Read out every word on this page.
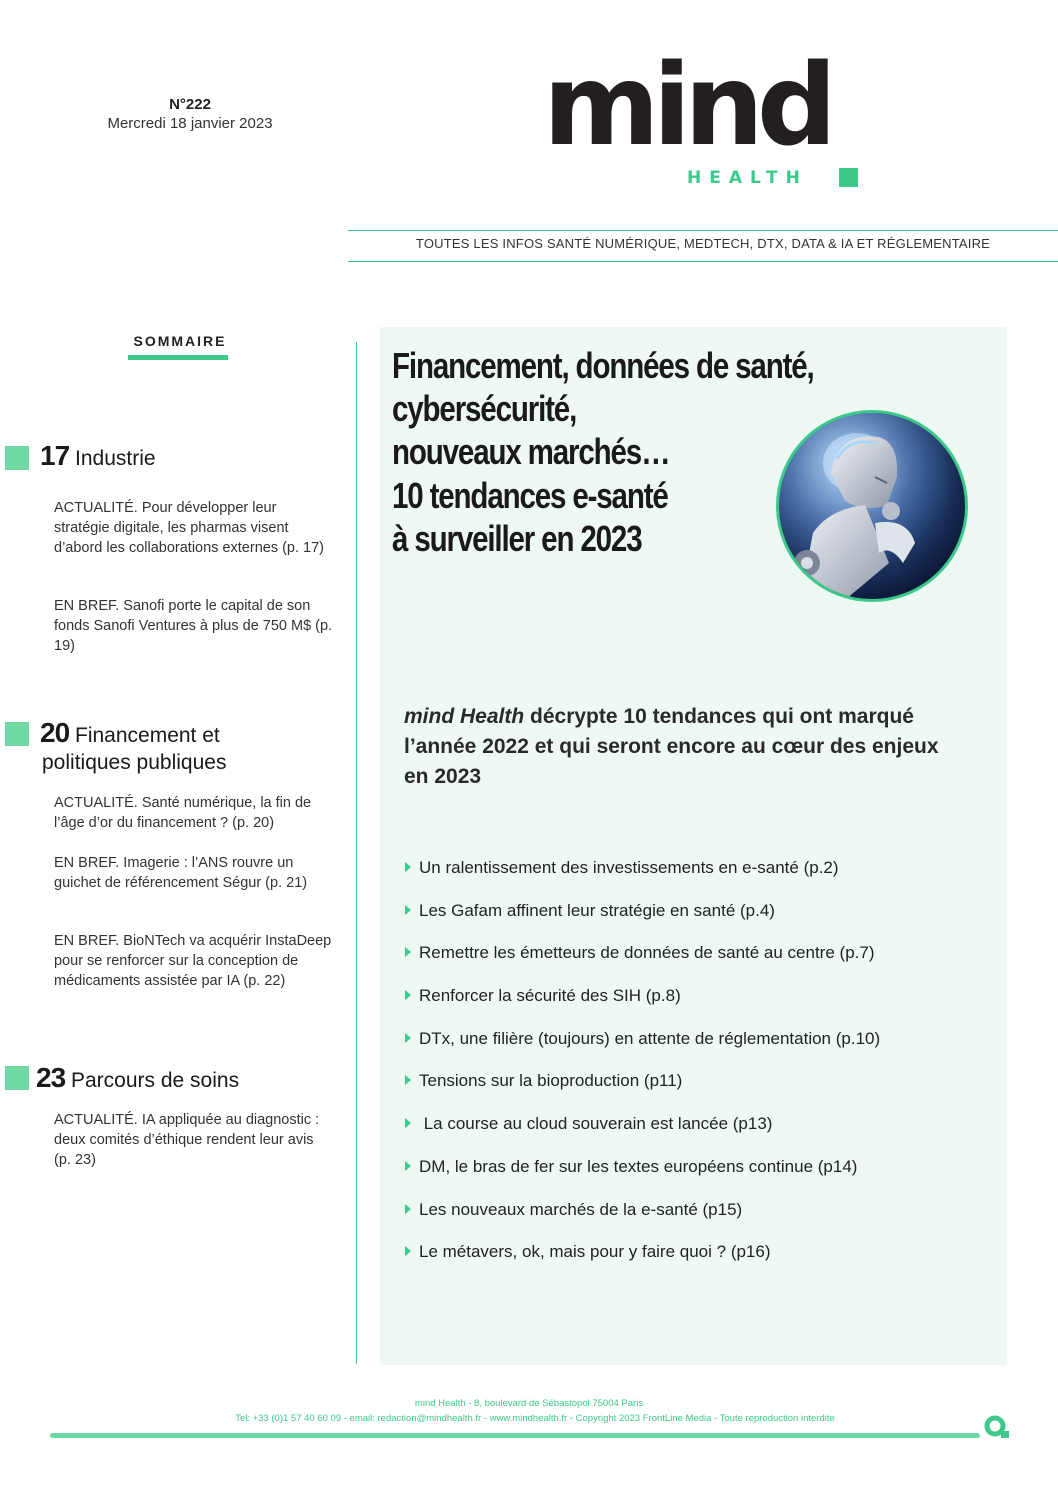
N°222
Mercredi 18 janvier 2023	mind
HEALTH
TOUTES LES INFOS SANTÉ NUMÉRIQUE, MEDTECH, DTX, DATA & IA ET RÉGLEMENTAIRE
SOMMAIRE
17 Industrie
ACTUALITÉ. Pour développer leur stratégie digitale, les pharmas visent d’abord les collaborations externes (p. 17)
EN BREF. Sanofi porte le capital de son fonds Sanofi Ventures à plus de 750 M$ (p. 19)
20 Financement et
politiques publiques
ACTUALITÉ. Santé numérique, la fin de l’âge d’or du financement ? (p. 20)
EN BREF. Imagerie : l’ANS rouvre un guichet de référencement Ségur (p. 21)
EN BREF. BioNTech va acquérir InstaDeep pour se renforcer sur la conception de médicaments assistée par IA (p. 22)
23 Parcours de soins
ACTUALITÉ. IA appliquée au diagnostic : deux comités d’éthique rendent leur avis (p. 23)
Financement, données de santé,
cybersécurité,
nouveaux marchés…
10 tendances e-santé
à surveiller en 2023
mind Health décrypte 10 tendances qui ont marqué l’année 2022 et qui seront encore au cœur des enjeux en 2023
Un ralentissement des investissements en e-santé (p.2)
Les Gafam affinent leur stratégie en santé (p.4)
Remettre les émetteurs de données de santé au centre (p.7)
Renforcer la sécurité des SIH (p.8)
DTx, une filière (toujours) en attente de réglementation (p.10)
Tensions sur la bioproduction (p11)
La course au cloud souverain est lancée (p13)
DM, le bras de fer sur les textes européens continue (p14)
Les nouveaux marchés de la e-santé (p15)
Le métavers, ok, mais pour y faire quoi ? (p16)
mind Health - 8, boulevard de Sébastopol 75004 Paris
Tel: +33 (0)1 57 40 60 09 - email: redaction@mindhealth.fr - www.mindhealth.fr - Copyright 2023 FrontLine Media - Toute reproduction interdite
